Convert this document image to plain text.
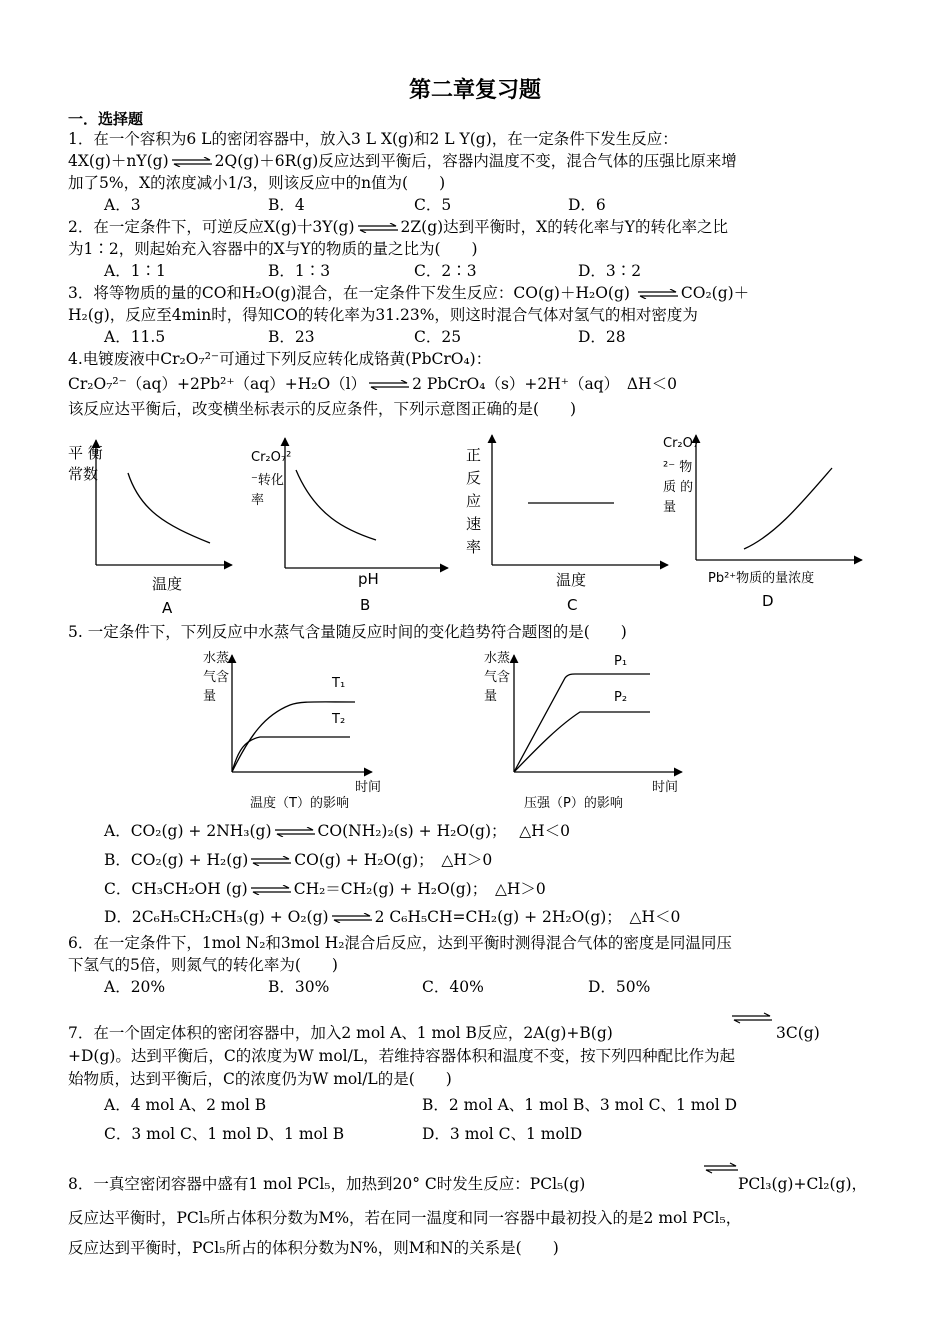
第二章复习题
一．选择题
1．在一个容积为6 L的密闭容器中，放入3 L X(g)和2 L Y(g)，在一定条件下发生反应：
4X(g)＋nY(g)⇌2Q(g)＋6R(g)反应达到平衡后，容器内温度不变，混合气体的压强比原来增
加了5%，X的浓度减小1/3，则该反应中的n值为(　　)
A．3	B．4	C．5	D．6
2．在一定条件下，可逆反应X(g)十3Y(g)⇌2Z(g)达到平衡时，X的转化率与Y的转化率之比
为1∶2，则起始充入容器中的X与Y的物质的量之比为(　　)
A．1∶1	B．1∶3	C．2∶3	D．3∶2
3．将等物质的量的CO和H₂O(g)混合，在一定条件下发生反应：CO(g)＋H₂O(g) ⇌CO₂(g)＋
H₂(g)，反应至4min时，得知CO的转化率为31.23%，则这时混合气体对氢气的相对密度为
A．11.5	B．23	C．25	D．28
4.电镀废液中Cr₂O₇²⁻可通过下列反应转化成铬黄(PbCrO₄)：
Cr₂O₇²⁻（aq）+2Pb²⁺（aq）+H₂O（l）⇌2 PbCrO₄（s）+2H⁺（aq）　ΔH＜0
该反应达平衡后，改变横坐标表示的反应条件，下列示意图正确的是(　　)
平 衡
常数
温度
A
Cr₂O₇²
⁻转化
率
pH
B
正
反
应
速
率
温度
C
Cr₂O₇
²⁻ 物
质 的
量
Pb²⁺物质的量浓度
D
5. 一定条件下，下列反应中水蒸气含量随反应时间的变化趋势符合题图的是(　　)
水蒸
气含
量
T₁
T₂
时间
温度（T）的影响
水蒸
气含
量
P₁
P₂
时间
压强（P）的影响
A．CO₂(g) + 2NH₃(g)⇌CO(NH₂)₂(s) + H₂O(g)；　 △H＜0
B．CO₂(g) + H₂(g)⇌CO(g) + H₂O(g)；　△H＞0
C．CH₃CH₂OH (g)⇌CH₂＝CH₂(g) + H₂O(g)；　△H＞0
D．2C₆H₅CH₂CH₃(g) + O₂(g)⇌2 C₆H₅CH=CH₂(g) + 2H₂O(g)；　△H＜0
6．在一定条件下，1mol N₂和3mol H₂混合后反应，达到平衡时测得混合气体的密度是同温同压
下氢气的5倍，则氮气的转化率为(　　)
A．20%	B．30%	C．40%	D．50%
7．在一个固定体积的密闭容器中，加入2 mol A、1 mol B反应，2A(g)+B(g)	3C(g)
+D(g)。达到平衡后，C的浓度为W mol/L，若维持容器体积和温度不变，按下列四种配比作为起
始物质，达到平衡后，C的浓度仍为W mol/L的是(　　)
A．4 mol A、2 mol B	B．2 mol A、1 mol B、3 mol C、1 mol D
C．3 mol C、1 mol D、1 mol B	D．3 mol C、1 molD
8．一真空密闭容器中盛有1 mol PCl₅，加热到20° C时发生反应：PCl₅(g)	PCl₃(g)+Cl₂(g)，
反应达平衡时，PCl₅所占体积分数为M%，若在同一温度和同一容器中最初投入的是2 mol PCl₅，
反应达到平衡时，PCl₅所占的体积分数为N%，则M和N的关系是(　　)
